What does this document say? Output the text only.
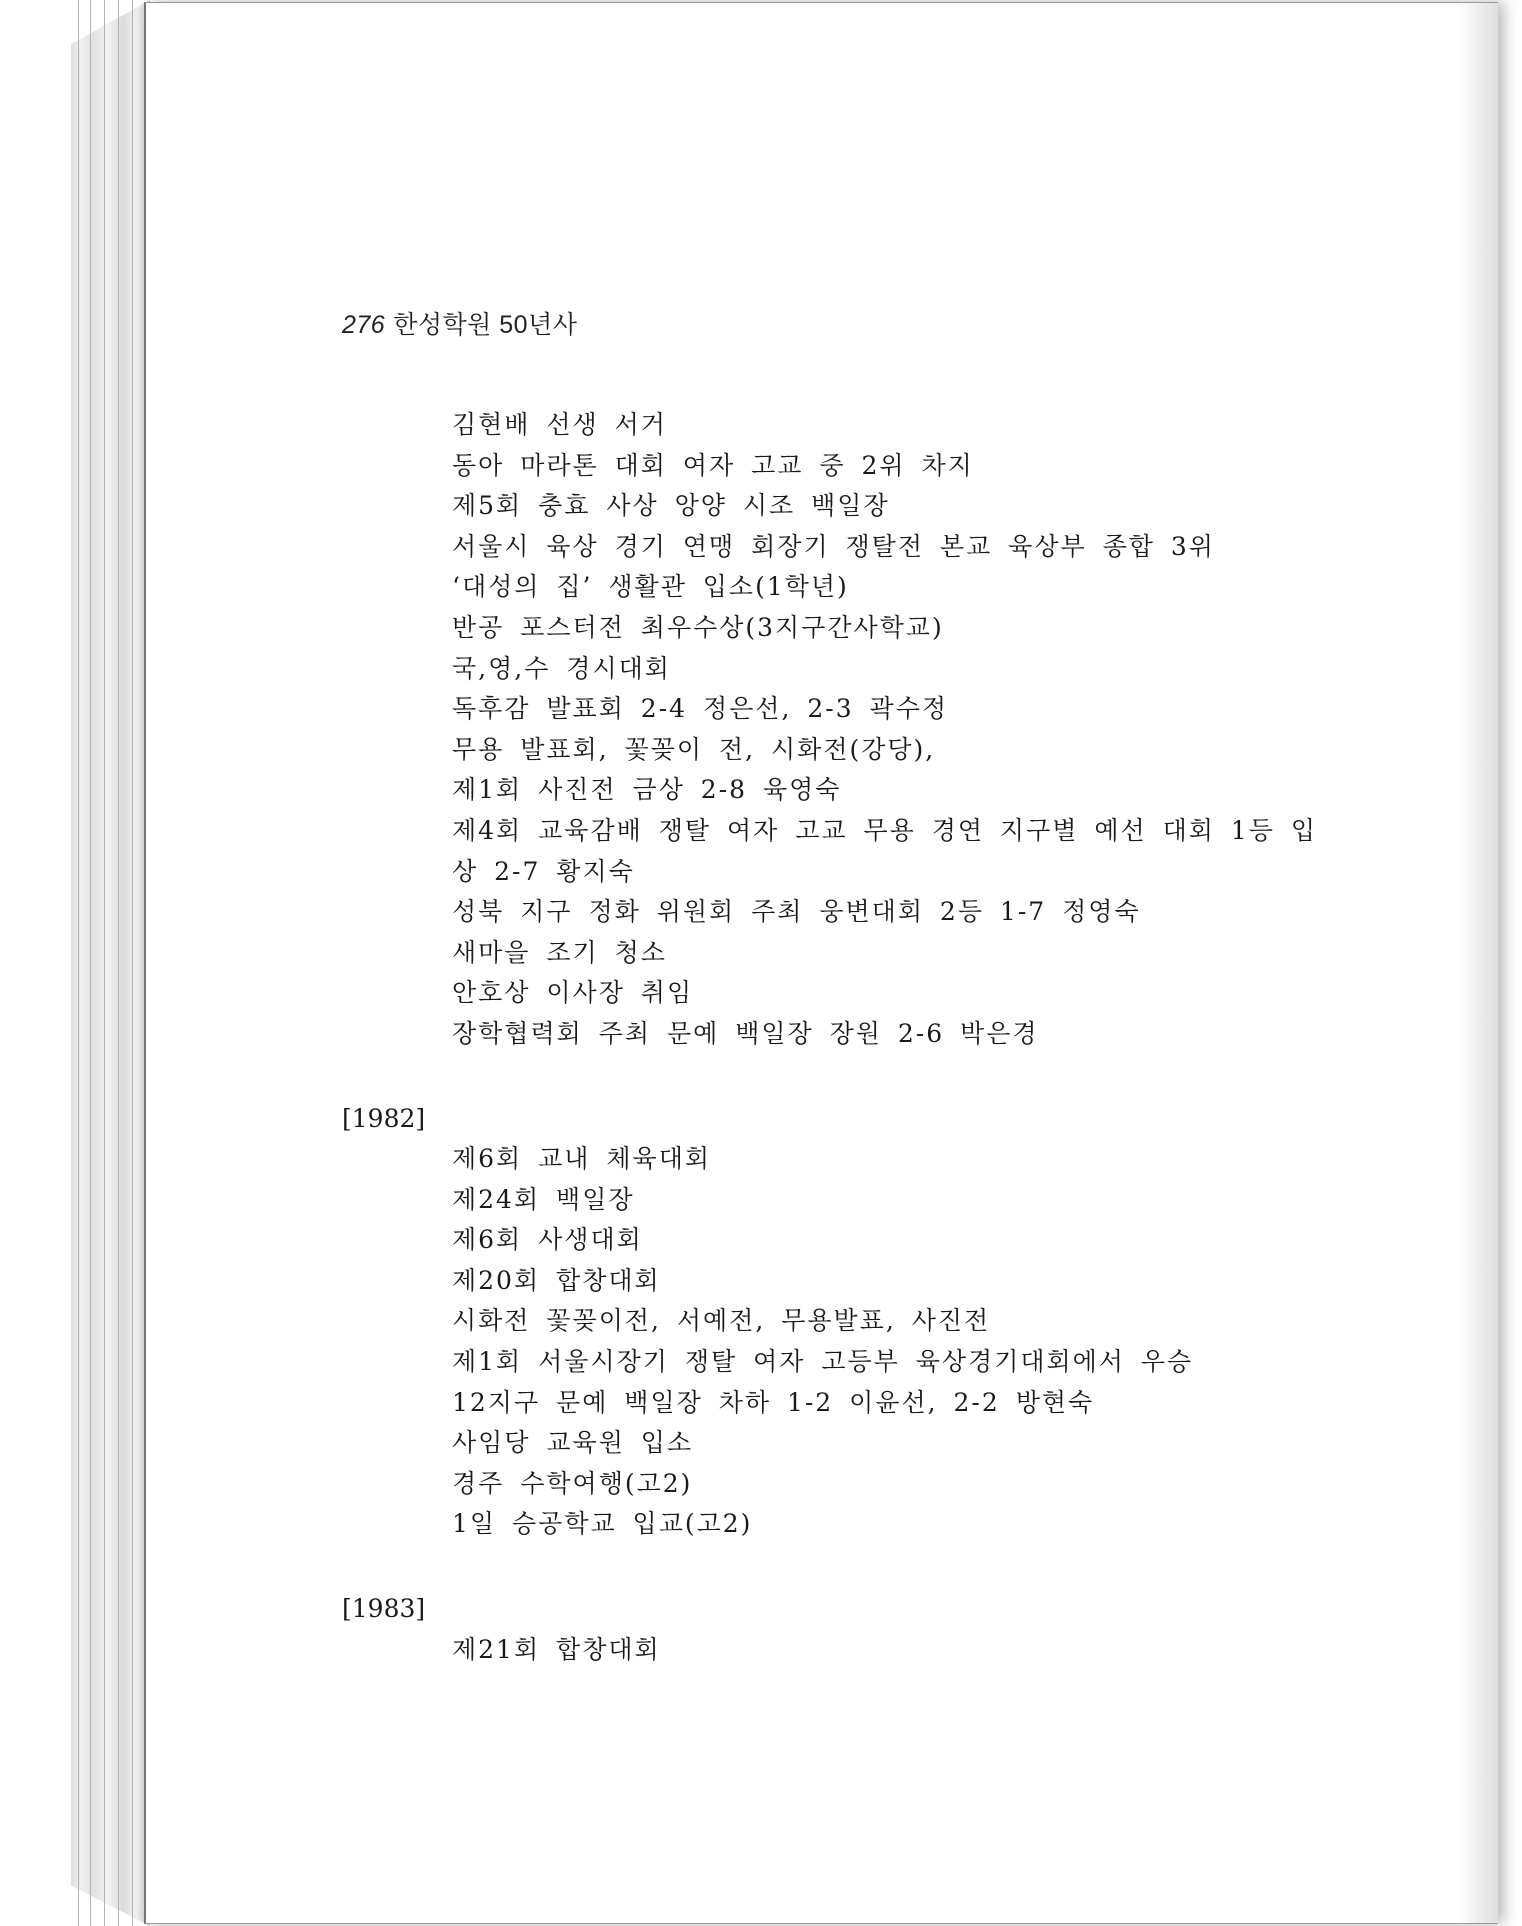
276 한성학원 50년사
김현배 선생 서거
동아 마라톤 대회 여자 고교 중 2위 차지
제5회 충효 사상 앙양 시조 백일장
서울시 육상 경기 연맹 회장기 쟁탈전 본교 육상부 종합 3위
‘대성의 집’ 생활관 입소(1학년)
반공 포스터전 최우수상(3지구간사학교)
국,영,수 경시대회
독후감 발표회 2-4 정은선, 2-3 곽수정
무용 발표회, 꽃꽂이 전, 시화전(강당),
제1회 사진전 금상 2-8 육영숙
제4회 교육감배 쟁탈 여자 고교 무용 경연 지구별 예선 대회 1등 입
상 2-7 황지숙
성북 지구 정화 위원회 주최 웅변대회 2등 1-7 정영숙
새마을 조기 청소
안호상 이사장 취임
장학협력회 주최 문예 백일장 장원 2-6 박은경
[1982]
제6회 교내 체육대회
제24회 백일장
제6회 사생대회
제20회 합창대회
시화전 꽃꽂이전, 서예전, 무용발표, 사진전
제1회 서울시장기 쟁탈 여자 고등부 육상경기대회에서 우승
12지구 문예 백일장 차하 1-2 이윤선, 2-2 방현숙
사임당 교육원 입소
경주 수학여행(고2)
1일 승공학교 입교(고2)
[1983]
제21회 합창대회
